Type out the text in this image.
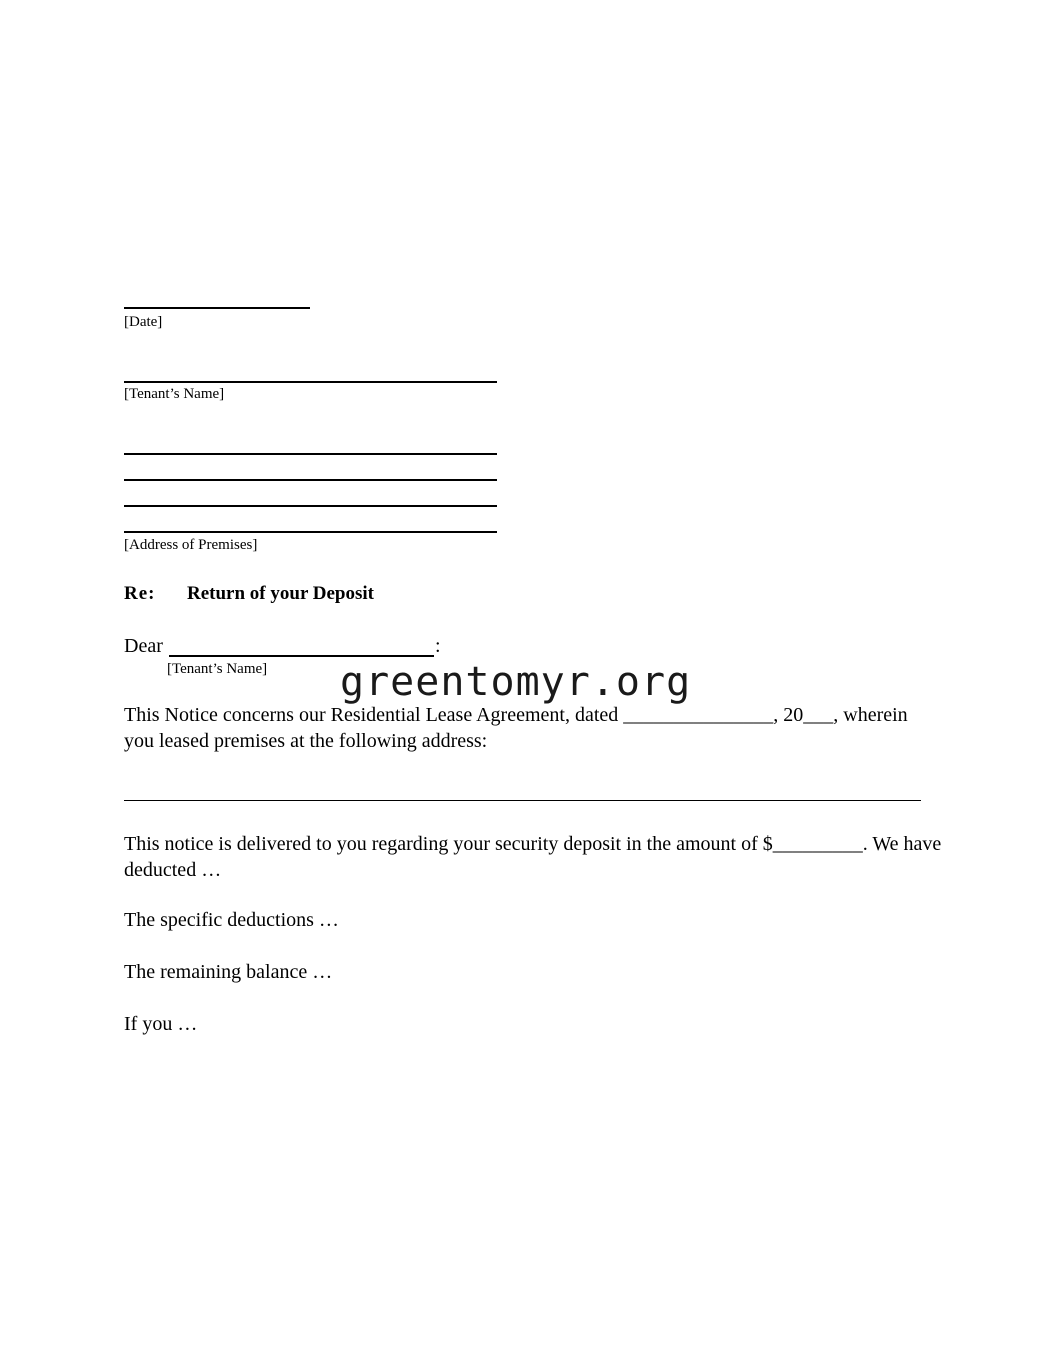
[Date]
[Tenant’s Name]
[Address of Premises]
Re: Return of your Deposit
Dear	:
[Tenant’s Name] greentomyr.org
This Notice concerns our Residential Lease Agreement, dated _______________, 20___, wherein
you leased premises at the following address:
This notice is delivered to you regarding your security deposit in the amount of $_________. We have
deducted …
The specific deductions …
The remaining balance …
If you …
